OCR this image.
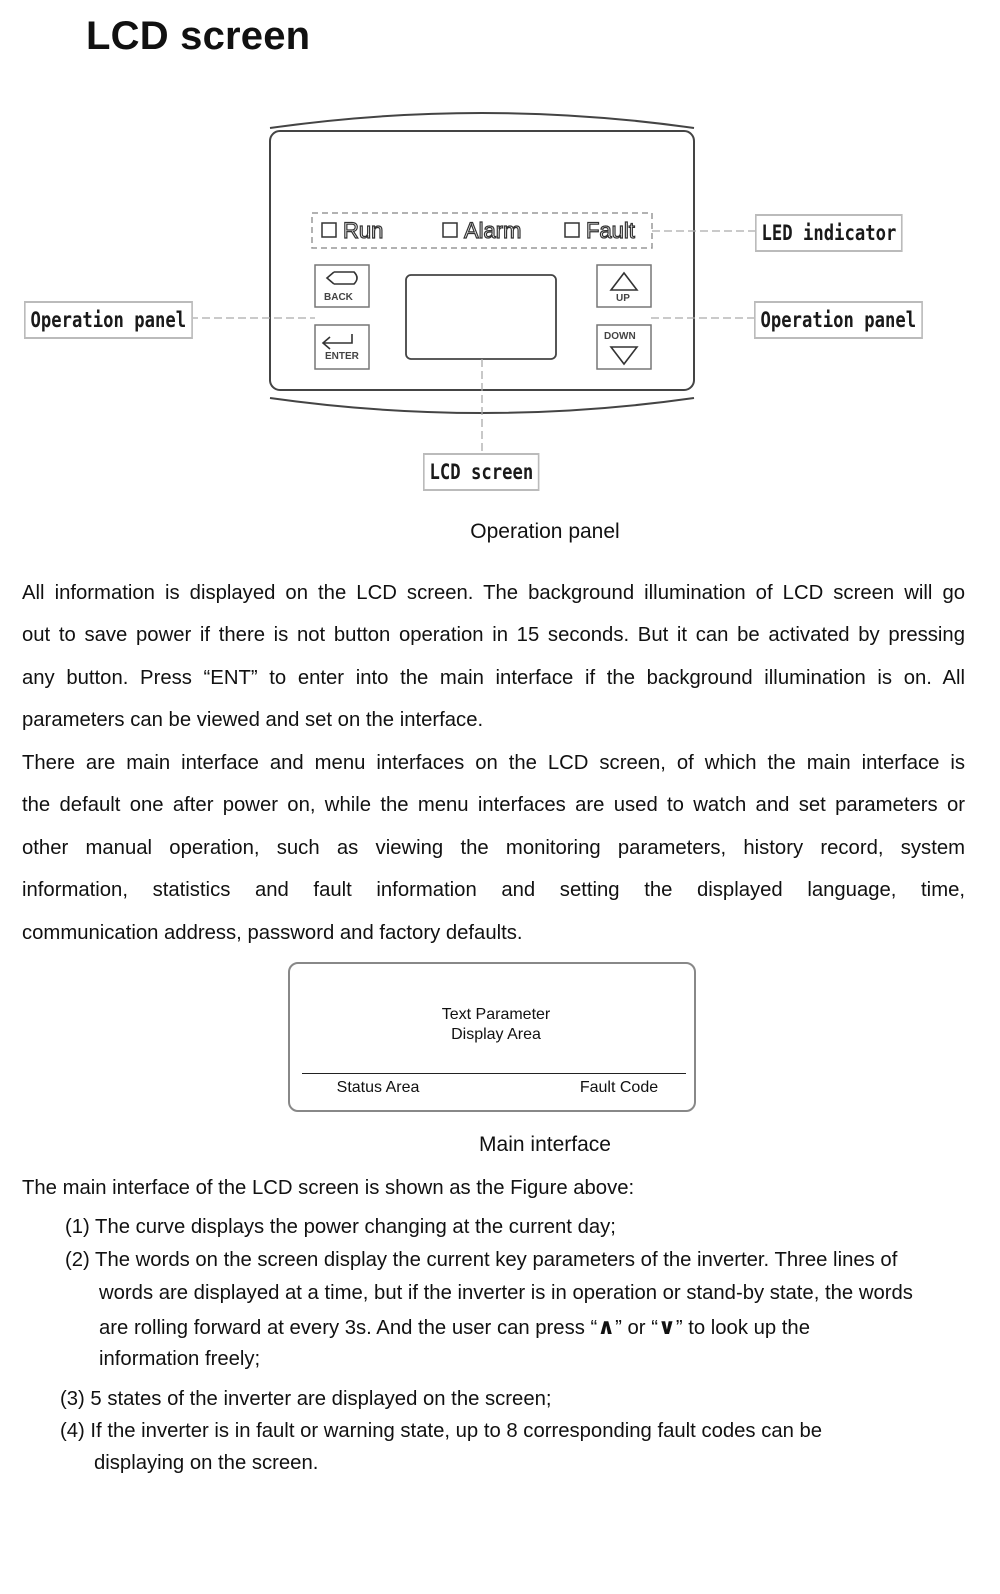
LCD screen
Run	Alarm	Fault
BACK
ENTER
UP
DOWN
LED indicator
Operation panel	Operation panel
LCD screen
Operation panel
All information is displayed on the LCD screen. The background illumination of LCD screen will go
out to save power if there is not button operation in 15 seconds. But it can be activated by pressing
any button. Press “ENT” to enter into the main interface if the background illumination is on. All
parameters can be viewed and set on the interface.
There are main interface and menu interfaces on the LCD screen, of which the main interface is
the default one after power on, while the menu interfaces are used to watch and set parameters or
other manual operation, such as viewing the monitoring parameters, history record, system
information, statistics and fault information and setting the displayed language, time,
communication address, password and factory defaults.
Text Parameter
Display Area
Status Area	Fault Code
Main interface
The main interface of the LCD screen is shown as the Figure above:
(1) The curve displays the power changing at the current day;
(2) The words on the screen display the current key parameters of the inverter. Three lines of
words are displayed at a time, but if the inverter is in operation or stand-by state, the words
are rolling forward at every 3s. And the user can press “∧” or “∨” to look up the
information freely;
(3) 5 states of the inverter are displayed on the screen;
(4) If the inverter is in fault or warning state, up to 8 corresponding fault codes can be
displaying on the screen.
